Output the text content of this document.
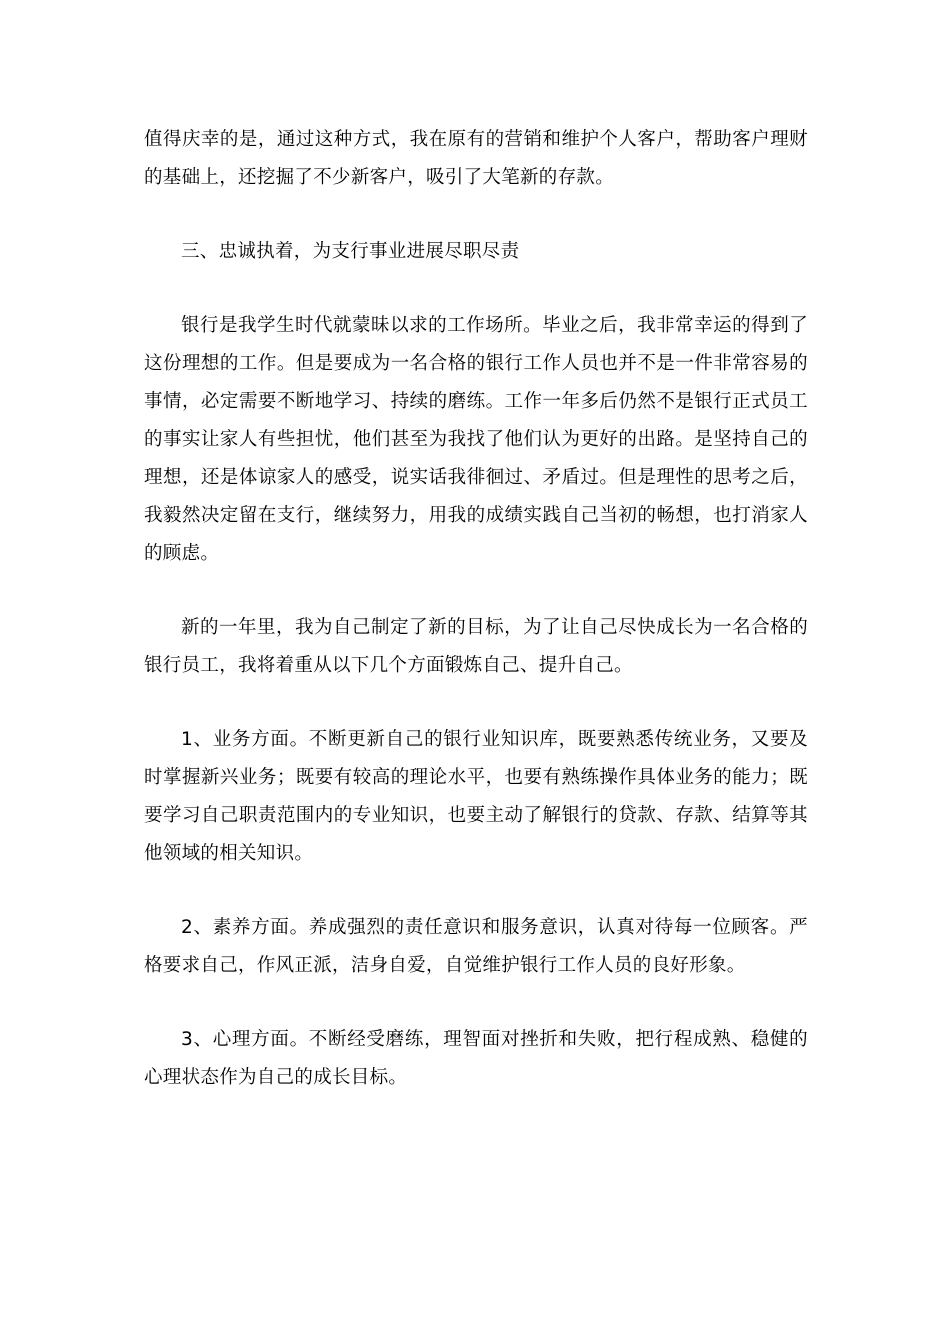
值得庆幸的是，通过这种方式，我在原有的营销和维护个人客户，帮助客户理财的基础上，还挖掘了不少新客户，吸引了大笔新的存款。

三、忠诚执着，为支行事业进展尽职尽责

银行是我学生时代就蒙昧以求的工作场所。毕业之后，我非常幸运的得到了这份理想的工作。但是要成为一名合格的银行工作人员也并不是一件非常容易的事情，必定需要不断地学习、持续的磨练。工作一年多后仍然不是银行正式员工的事实让家人有些担忧，他们甚至为我找了他们认为更好的出路。是坚持自己的理想，还是体谅家人的感受，说实话我徘徊过、矛盾过。但是理性的思考之后，我毅然决定留在支行，继续努力，用我的成绩实践自己当初的畅想，也打消家人的顾虑。

新的一年里，我为自己制定了新的目标，为了让自己尽快成长为一名合格的银行员工，我将着重从以下几个方面锻炼自己、提升自己。

1、业务方面。不断更新自己的银行业知识库，既要熟悉传统业务，又要及时掌握新兴业务；既要有较高的理论水平，也要有熟练操作具体业务的能力；既要学习自己职责范围内的专业知识，也要主动了解银行的贷款、存款、结算等其他领域的相关知识。

2、素养方面。养成强烈的责任意识和服务意识，认真对待每一位顾客。严格要求自己，作风正派，洁身自爱，自觉维护银行工作人员的良好形象。

3、心理方面。不断经受磨练，理智面对挫折和失败，把行程成熟、稳健的心理状态作为自己的成长目标。
